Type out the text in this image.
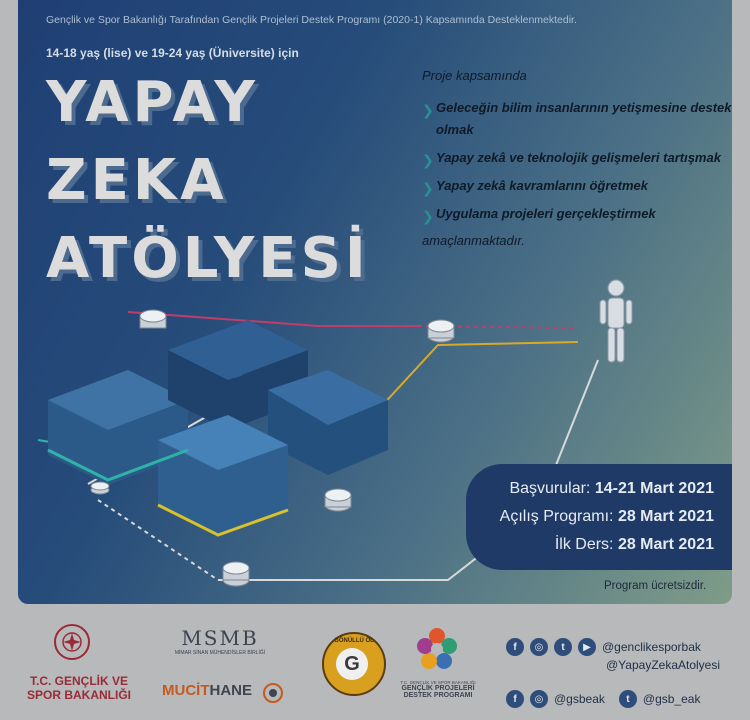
Gençlik ve Spor Bakanlığı Tarafından Gençlik Projeleri Destek Programı (2020-1) Kapsamında Desteklenmektedir.
14-18 yaş (lise) ve 19-24 yaş (Üniversite) için
YAPAY
ZEKA
ATÖLYESİ
Proje kapsamında
❯ Geleceğin bilim insanlarının yetişmesine destek olmak
❯ Yapay zekâ ve teknolojik gelişmeleri tartışmak
❯ Yapay zekâ kavramlarını öğretmek
❯ Uygulama projeleri gerçekleştirmek
amaçlanmaktadır.
Başvurular: 14-21 Mart 2021
Açılış Programı: 28 Mart 2021
İlk Ders: 28 Mart 2021
Program ücretsizdir.
T.C. GENÇLİK VE
SPOR BAKANLIĞI
MSMB
MİMAR SİNAN MÜHENDİSLER BİRLİĞİ
MUCİTHANE
GÖNÜLLÜ OL
G
T.C. GENÇLİK VE SPOR BAKANLIĞI
GENÇLİK PROJELERİ
DESTEK PROGRAMI
f	◎	t	▶ @genclikesporbak
@YapayZekaAtolyesi
f	◎ @gsbeak	t	@gsb_eak
